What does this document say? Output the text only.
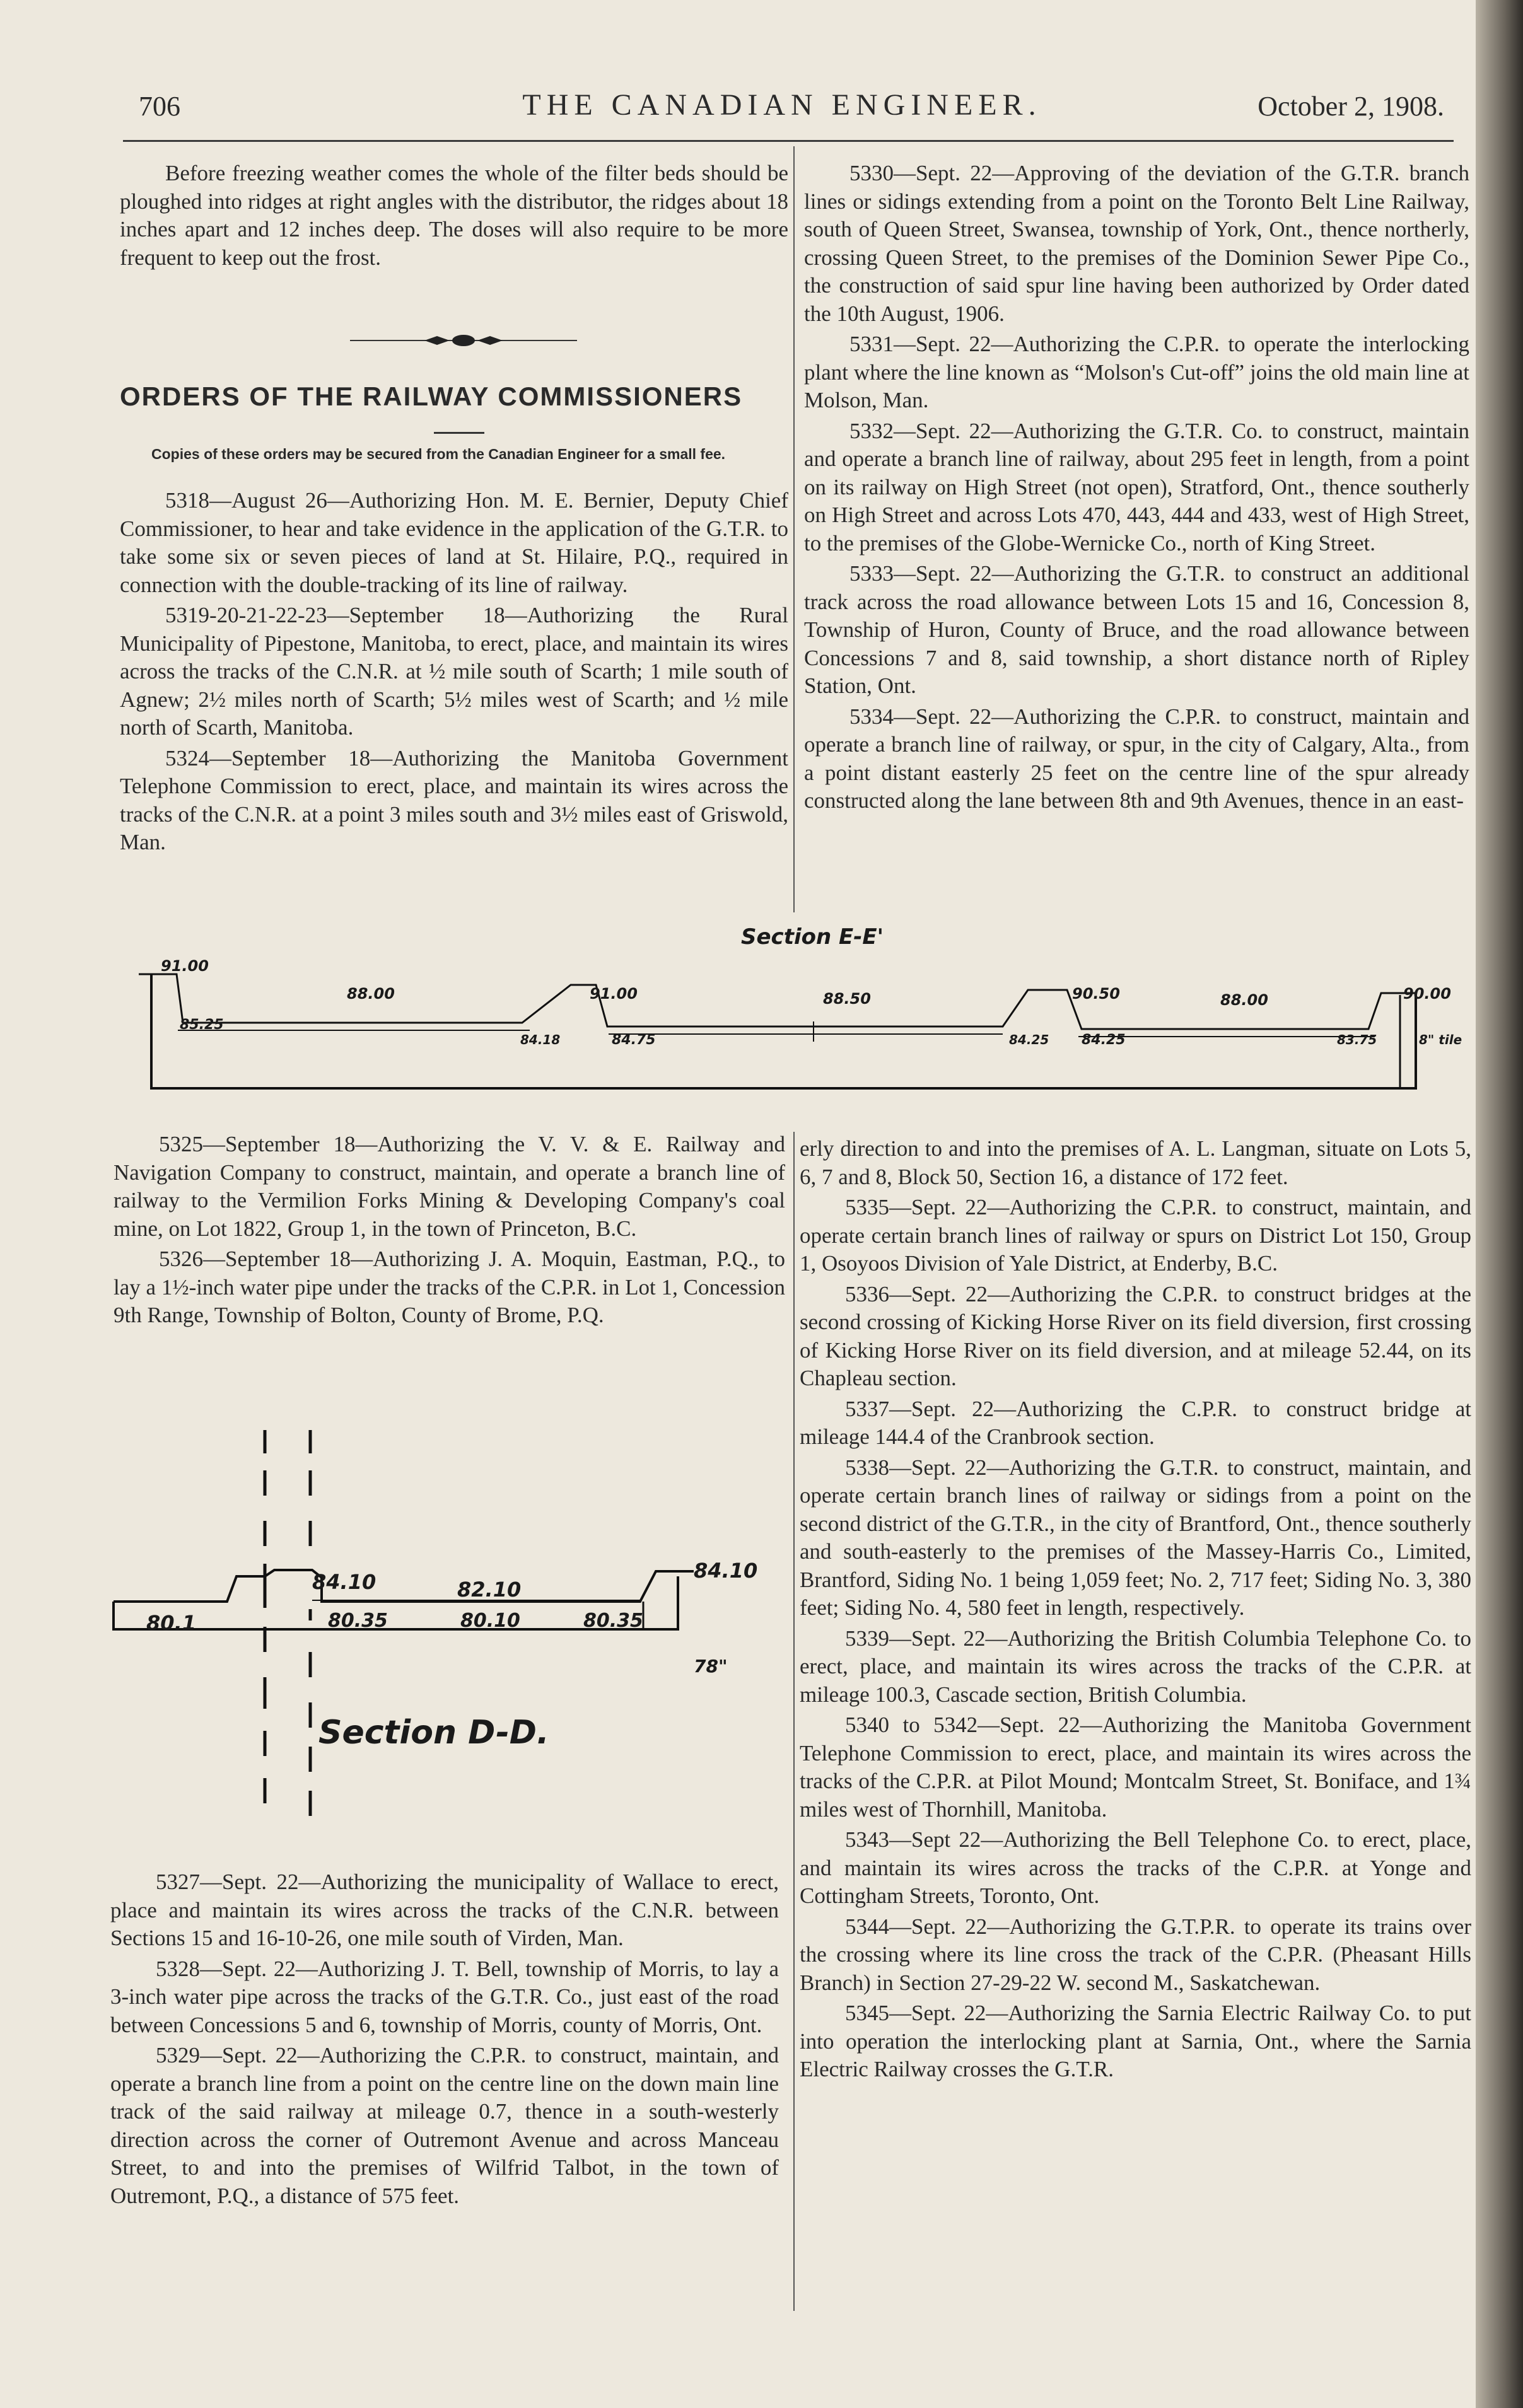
706	THE CANADIAN ENGINEER.	October 2, 1908.

Before freezing weather comes the whole of the filter beds should be ploughed into ridges at right angles with the distributor, the ridges about 18 inches apart and 12 inches deep. The doses will also require to be more frequent to keep out the frost.

ORDERS OF THE RAILWAY COMMISSIONERS

Copies of these orders may be secured from the Canadian Engineer for a small fee.

5318—August 26—Authorizing Hon. M. E. Bernier, Deputy Chief Commissioner, to hear and take evidence in the application of the G.T.R. to take some six or seven pieces of land at St. Hilaire, P.Q., required in connection with the double-tracking of its line of railway.

5319-20-21-22-23—September 18—Authorizing the Rural Municipality of Pipestone, Manitoba, to erect, place, and maintain its wires across the tracks of the C.N.R. at ½ mile south of Scarth; 1 mile south of Agnew; 2½ miles north of Scarth; 5½ miles west of Scarth; and ½ mile north of Scarth, Manitoba.

5324—September 18—Authorizing the Manitoba Government Telephone Commission to erect, place, and maintain its wires across the tracks of the C.N.R. at a point 3 miles south and 3½ miles east of Griswold, Man.

5330—Sept. 22—Approving of the deviation of the G.T.R. branch lines or sidings extending from a point on the Toronto Belt Line Railway, south of Queen Street, Swansea, township of York, Ont., thence northerly, crossing Queen Street, to the premises of the Dominion Sewer Pipe Co., the construction of said spur line having been authorized by Order dated the 10th August, 1906.

5331—Sept. 22—Authorizing the C.P.R. to operate the interlocking plant where the line known as “Molson's Cut-off” joins the old main line at Molson, Man.

5332—Sept. 22—Authorizing the G.T.R. Co. to construct, maintain and operate a branch line of railway, about 295 feet in length, from a point on its railway on High Street (not open), Stratford, Ont., thence southerly on High Street and across Lots 470, 443, 444 and 433, west of High Street, to the premises of the Globe-Wernicke Co., north of King Street.

5333—Sept. 22—Authorizing the G.T.R. to construct an additional track across the road allowance between Lots 15 and 16, Concession 8, Township of Huron, County of Bruce, and the road allowance between Concessions 7 and 8, said township, a short distance north of Ripley Station, Ont.

5334—Sept. 22—Authorizing the C.P.R. to construct, maintain and operate a branch line of railway, or spur, in the city of Calgary, Alta., from a point distant easterly 25 feet on the centre line of the spur already constructed along the lane between 8th and 9th Avenues, thence in an east-

Section E-E'
91.00
88.00	91.00	88.50	90.50	88.00	90.00
85.25
84.18	84.75	84.25 84.25	83.75	8" tile

5325—September 18—Authorizing the V. V. & E. Railway and Navigation Company to construct, maintain, and operate a branch line of railway to the Vermilion Forks Mining & Developing Company's coal mine, on Lot 1822, Group 1, in the town of Princeton, B.C.

5326—September 18—Authorizing J. A. Moquin, Eastman, P.Q., to lay a 1½-inch water pipe under the tracks of the C.P.R. in Lot 1, Concession 9th Range, Township of Bolton, County of Brome, P.Q.

84.10	82.10
84.10
80.1	80.35	80.10	80.35
78"
Section D-D.

5327—Sept. 22—Authorizing the municipality of Wallace to erect, place and maintain its wires across the tracks of the C.N.R. between Sections 15 and 16-10-26, one mile south of Virden, Man.

5328—Sept. 22—Authorizing J. T. Bell, township of Morris, to lay a 3-inch water pipe across the tracks of the G.T.R. Co., just east of the road between Concessions 5 and 6, township of Morris, county of Morris, Ont.

5329—Sept. 22—Authorizing the C.P.R. to construct, maintain, and operate a branch line from a point on the centre line on the down main line track of the said railway at mileage 0.7, thence in a south-westerly direction across the corner of Outremont Avenue and across Manceau Street, to and into the premises of Wilfrid Talbot, in the town of Outremont, P.Q., a distance of 575 feet.

erly direction to and into the premises of A. L. Langman, situate on Lots 5, 6, 7 and 8, Block 50, Section 16, a distance of 172 feet.

5335—Sept. 22—Authorizing the C.P.R. to construct, maintain, and operate certain branch lines of railway or spurs on District Lot 150, Group 1, Osoyoos Division of Yale District, at Enderby, B.C.

5336—Sept. 22—Authorizing the C.P.R. to construct bridges at the second crossing of Kicking Horse River on its field diversion, first crossing of Kicking Horse River on its field diversion, and at mileage 52.44, on its Chapleau section.

5337—Sept. 22—Authorizing the C.P.R. to construct bridge at mileage 144.4 of the Cranbrook section.

5338—Sept. 22—Authorizing the G.T.R. to construct, maintain, and operate certain branch lines of railway or sidings from a point on the second district of the G.T.R., in the city of Brantford, Ont., thence southerly and south-easterly to the premises of the Massey-Harris Co., Limited, Brantford, Siding No. 1 being 1,059 feet; No. 2, 717 feet; Siding No. 3, 380 feet; Siding No. 4, 580 feet in length, respectively.

5339—Sept. 22—Authorizing the British Columbia Telephone Co. to erect, place, and maintain its wires across the tracks of the C.P.R. at mileage 100.3, Cascade section, British Columbia.

5340 to 5342—Sept. 22—Authorizing the Manitoba Government Telephone Commission to erect, place, and maintain its wires across the tracks of the C.P.R. at Pilot Mound; Montcalm Street, St. Boniface, and 1¾ miles west of Thornhill, Manitoba.

5343—Sept 22—Authorizing the Bell Telephone Co. to erect, place, and maintain its wires across the tracks of the C.P.R. at Yonge and Cottingham Streets, Toronto, Ont.

5344—Sept. 22—Authorizing the G.T.P.R. to operate its trains over the crossing where its line cross the track of the C.P.R. (Pheasant Hills Branch) in Section 27-29-22 W. second M., Saskatchewan.

5345—Sept. 22—Authorizing the Sarnia Electric Railway Co. to put into operation the interlocking plant at Sarnia, Ont., where the Sarnia Electric Railway crosses the G.T.R.
